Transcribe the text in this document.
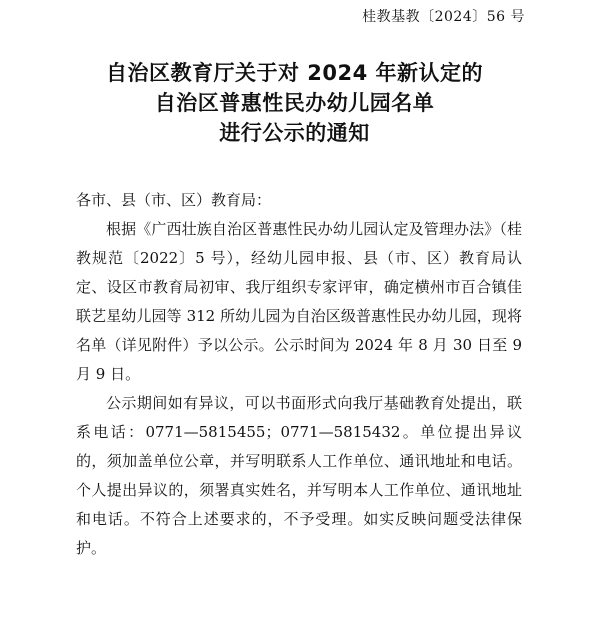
桂教基教〔2024〕56 号
自治区教育厅关于对 2024 年新认定的
自治区普惠性民办幼儿园名单
进行公示的通知
各市、县（市、区）教育局：

根据《广西壮族自治区普惠性民办幼儿园认定及管理办法》（桂教规范〔2022〕5 号），经幼儿园申报、县（市、区）教育局认定、设区市教育局初审、我厅组织专家评审，确定横州市百合镇佳联艺星幼儿园等 312 所幼儿园为自治区级普惠性民办幼儿园，现将名单（详见附件）予以公示。公示时间为 2024 年 8 月 30 日至 9 月 9 日。

公示期间如有异议，可以书面形式向我厅基础教育处提出，联系电话：0771—5815455；0771—5815432。单位提出异议的，须加盖单位公章，并写明联系人工作单位、通讯地址和电话。个人提出异议的，须署真实姓名，并写明本人工作单位、通讯地址和电话。不符合上述要求的，不予受理。如实反映问题受法律保护。
